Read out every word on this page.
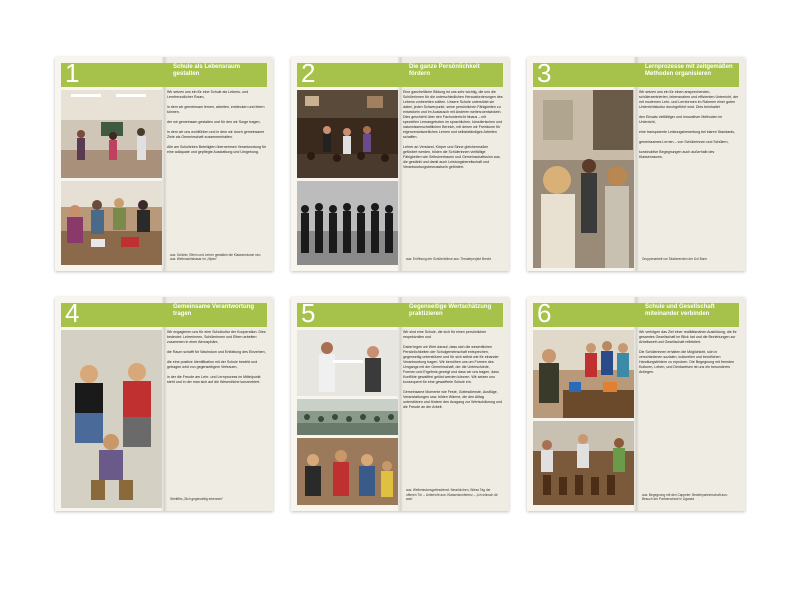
1	Schule als Lebensraum gestalten

Wir setzen uns ein für eine Schule als Lebens- und Lernfreundlicher Raum,

in dem wir gemeinsam lernen, arbeiten, entdecken und feiern können,

der wir gemeinsam gestalten und für den wir Sorge tragen,

in dem wir uns wohlfühlen und in dem wir durch gemeinsame Ziele als Gemeinschaft zusammenhalten.

Alle am Schulleben Beteiligten übernehmen Verantwortung für eine adäquate und gepflegte Ausstattung und Umgebung.

aus: Schüler, Eltern und Lehrer gestalten die Klassenräume neu aus: Weihnachtsbasar im „Hipen“
2	Die ganze Persönlichkeit fördern

Eine ganzheitliche Bildung ist uns sehr wichtig, die uns die Schülerinnen für die unterschiedlichen Herausforderungen des Lebens vorbereiten sollten. Unsere Schule unterstützt sie dabei, jeden Schwerpunkt, seine persönlichen Fähigkeiten zu entwickeln und im Austausch mit Anderen weiterzuentwickeln. Dies geschieht über den Fachunterricht hinaus – mit speziellen Lernangeboten im sprachlichen, künstlerischen und naturwissenschaftlichen Bereich, mit denen wir Freiräume für eigenverantwortliches Lernen und selbstständiges Arbeiten schaffen.

Lehrer an Verstand, Körper und Sinne gleichermaßen gefördert werden, bilden die Schülerinnen vielfältige Fähigkeiten wie Selbstvertrauen und Gemeinschaftssinn aus, die gestärkt und damit auch Leistungsbereitschaft und Verantwortungsbewusstsein gefördert.

aus: Eröffnung der Schülerbühne aus: Theaterprojekt Brecht
3	Lernprozesse mit zeitgemäßen Methoden organisieren

Wir setzen uns ein für einen ansprechenden, schülerzentrierten, lebensnahen und effizienten Unterricht, der mit modernen Lehr- und Lernformen im Rahmen einer guten Unterrichtskultur durchgeführt wird. Dies beinhaltet

den Einsatz vielfältiger und innovativer Methoden im Unterricht,

eine transparente Leistungsbewertung bei klaren Standards,

gemeinsames Lernen – von Schülerinnen und Schülern,

konstruktive Begegnungen auch außerhalb des Klassenraums.

Gruppenarbeit vor Studierenden der Uni Bonn
4	Gemeinsame Verantwortung tragen

Wir engagieren uns für eine Schulkultur der Kooperation. Dies bedeutet: Lehrerinnen, Schülerinnen und Eltern arbeiten zusammen in einer Atmosphäre,

die Raum schafft für Wachstum und Entfaltung des Einzelnen,

die eine positive Identifikation mit der Schule bewirkt und getragen wird von gegenseitigem Vertrauen,

in der die Freude am Lehr- und Lernprozess im Mittelpunkt steht und in der man sich auf die Wesentliche konzentriert.

Streitfilm „Sich gegenseitig erkennen“
5	Gegenseitige Wertschätzung praktizieren

Wir sind eine Schule, die sich für einen persönlichen respektvollen und

Dabei legen wir Wert darauf, dass sich die wesentlichen Persönlichkeiten der Schulgemeinschaft entsprechen, gegenseitig unterstützen und für sich selbst wie für einander Verantwortung tragen. Wir bemühen uns um Formen des Umgangs mit der Gemeinschaft, der die Unterschiede, Formen und Ergebnis gezeigt und dass wir uns tragen, dass Konflikte gewaltfrei gelöst werden können. Wir setzen uns konsequent für eine gewaltfreie Schule ein.

Gemeinsame Momente wie Feste, Gottesdienste, Ausflüge, Veranstaltungen usw. bilden Wärme, die den Alltag unterstützen und fördern den Ausgang zur Wertschätzung und die Freude an der Arbeit.

aus: Weltmissionsgottesdienst: Neunkirchen, Wieso Tag der offenen Tür – Unterricht aus: Klassenkonferenz – „Ich wünsch dir was“
6	Schule und Gesellschaft miteinander verbinden

Wir verfolgen das Ziel einer realitätsnahen Ausbildung, die ihr gesamtes Gesellschaft im Blick hat und die Beziehungen zur Arbeitswelt und Gesellschaft reflektiert.

Die Schülerinnen erhalten die Möglichkeit, sich in verschiedenen sozialen, kulturellen und beruflichen Handlungsfeldern zu erproben. Die Begegnung mit fremden Kulturen, Leben, und Denkweisen ist uns ein besonderes Anliegen.

aus: Begegnung mit den Cappeler: Bestehpartnerschaft aus: Besuch der Partnerschule in Uganda
